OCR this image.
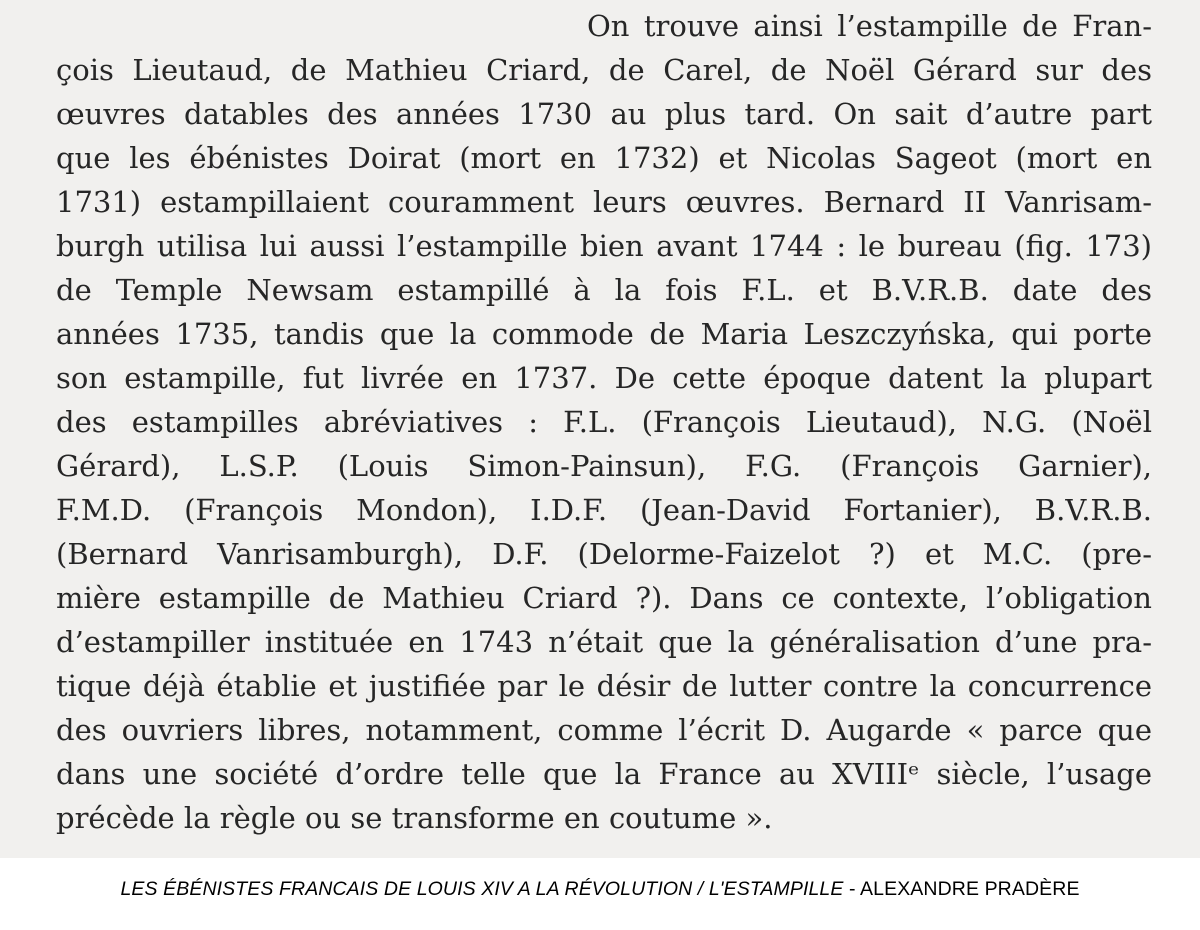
On trouve ainsi l’estampille de Fran-
çois Lieutaud, de Mathieu Criard, de Carel, de Noël Gérard sur des
œuvres datables des années 1730 au plus tard. On sait d’autre part
que les ébénistes Doirat (mort en 1732) et Nicolas Sageot (mort en
1731) estampillaient couramment leurs œuvres. Bernard II Vanrisam-
burgh utilisa lui aussi l’estampille bien avant 1744 : le bureau (fig. 173)
de Temple Newsam estampillé à la fois F.L. et B.V.R.B. date des
années 1735, tandis que la commode de Maria Leszczyńska, qui porte
son estampille, fut livrée en 1737. De cette époque datent la plupart
des estampilles abréviatives : F.L. (François Lieutaud), N.G. (Noël
Gérard), L.S.P. (Louis Simon-Painsun), F.G. (François Garnier),
F.M.D. (François Mondon), I.D.F. (Jean-David Fortanier), B.V.R.B.
(Bernard Vanrisamburgh), D.F. (Delorme-Faizelot ?) et M.C. (pre-
mière estampille de Mathieu Criard ?). Dans ce contexte, l’obligation
d’estampiller instituée en 1743 n’était que la généralisation d’une pra-
tique déjà établie et justifiée par le désir de lutter contre la concurrence
des ouvriers libres, notamment, comme l’écrit D. Augarde « parce que
dans une société d’ordre telle que la France au XVIIIᵉ siècle, l’usage
précède la règle ou se transforme en coutume ».
LES ÉBÉNISTES FRANCAIS DE LOUIS XIV A LA RÉVOLUTION / L'ESTAMPILLE - ALEXANDRE PRADÈRE
